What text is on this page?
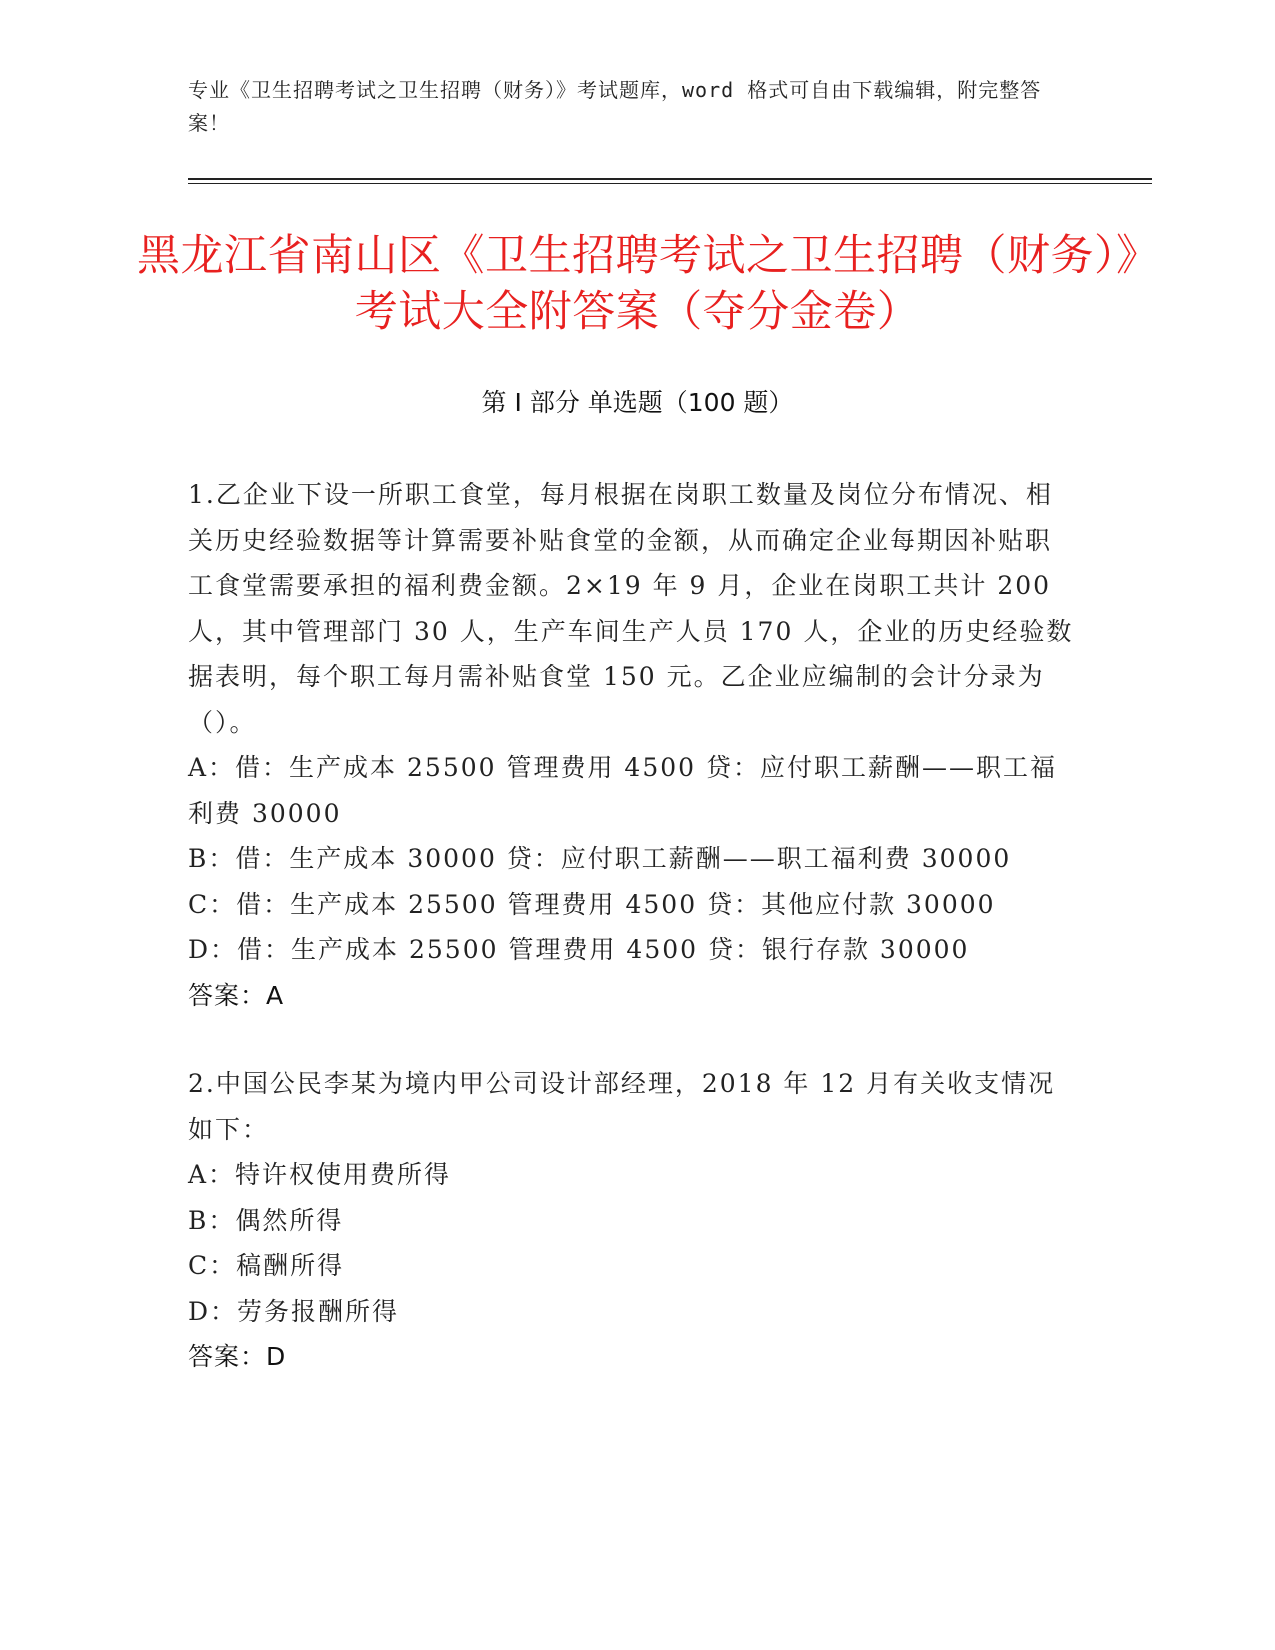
专业《卫生招聘考试之卫生招聘（财务）》考试题库，word 格式可自由下载编辑，附完整答案！
黑龙江省南山区《卫生招聘考试之卫生招聘（财务）》考试大全附答案（夺分金卷）
第 I 部分 单选题（100 题）

1.乙企业下设一所职工食堂，每月根据在岗职工数量及岗位分布情况、相关历史经验数据等计算需要补贴食堂的金额，从而确定企业每期因补贴职工食堂需要承担的福利费金额。2×19 年 9 月，企业在岗职工共计 200 人，其中管理部门 30 人，生产车间生产人员 170 人，企业的历史经验数据表明，每个职工每月需补贴食堂 150 元。乙企业应编制的会计分录为（）。

A：借：生产成本 25500 管理费用 4500 贷：应付职工薪酬——职工福利费 30000

B：借：生产成本 30000 贷：应付职工薪酬——职工福利费 30000

C：借：生产成本 25500 管理费用 4500 贷：其他应付款 30000

D：借：生产成本 25500 管理费用 4500 贷：银行存款 30000

答案：A

2.中国公民李某为境内甲公司设计部经理，2018 年 12 月有关收支情况如下：

A：特许权使用费所得

B：偶然所得

C：稿酬所得

D：劳务报酬所得

答案：D
